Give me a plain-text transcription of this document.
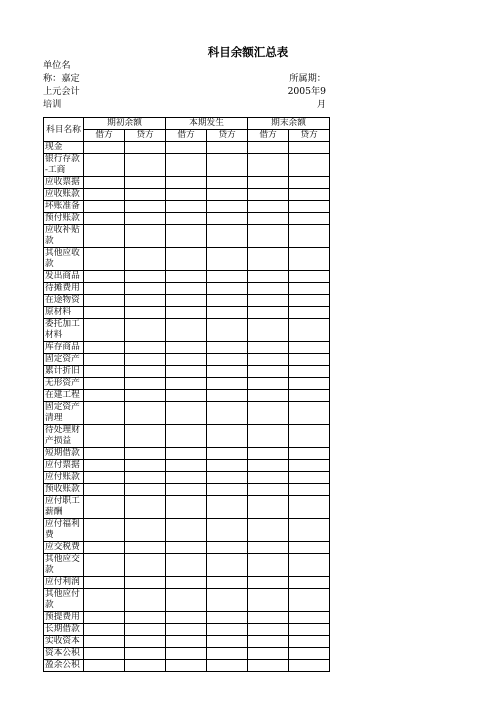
科目余额汇总表
单位名
称：嘉定
上元会计
培训
所属期：
2005年9
月
科目名称	期初余额		本期发生		期末余额	
	借方	贷方	借方	贷方	借方	贷方

现金						

银行存款
-工商						

应收票据						

应收账款						

坏账准备						

预付账款						

应收补贴
款						

其他应收
款						

发出商品						

待摊费用						

在途物资						

原材料						

委托加工
材料						

库存商品						

固定资产						

累计折旧						

无形资产						

在建工程						

固定资产
清理						

待处理财
产损益						

短期借款						

应付票据						

应付账款						

预收账款						

应付职工
薪酬						

应付福利
费						

应交税费						

其他应交
款						

应付利润						

其他应付
款						

预提费用						

长期借款						

实收资本						

资本公积						

盈余公积						
